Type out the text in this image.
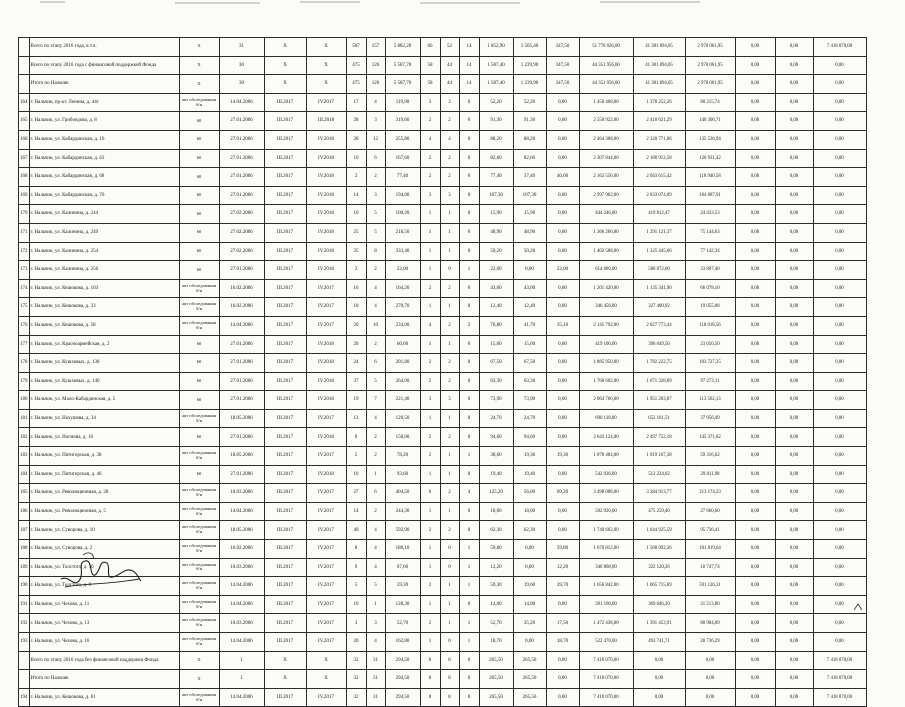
	Всего по этапу 2016 года, в т.ч.	X	31	X	X	507	157	5 882,20	66	52	14	1 852,90	1 505,40	347,50	51 770 026,00	41 381 894,05	2 970 061,95	0,00	0,00	7 418 070,00
	Всего по этапу 2016 года с финансовой поддержкой Фонда	X	30	X	X	475	126	5 587,70	58	44	14	1 587,40	1 239,90	347,50	44 351 956,00	41 381 894,05	2 970 061,95	0,00	0,00	0,00
	Итого по Нальчик	X	30	X	X	475	126	5 587,70	58	44	14	1 587,40	1 239,90	347,50	44 351 956,00	41 381 894,05	2 970 061,95	0,00	0,00	0,00
164	г. Нальчик, пр-кт. Ленина, д. 44г	акт обследования б/н	14.04.2006	III.2017	IV.2017	17	4	119,90	3	3	0	52,20	52,20	0,00	1 458 468,00	1 378 252,26	80 215,74	0,00	0,00	0,00
165	г. Нальчик, ул. Грибоедова, д. 8	60	27.01.2006	III.2017	III.2018	28	3	319,60	2	2	0	91,30	91,30	0,00	2 550 922,00	2 410 621,29	140 300,71	0,00	0,00	0,00
166	г. Нальчик, ул. Кабардинская, д. 16	60	27.01.2006	III.2017	IV.2018	28	12	255,80	4	4	0	88,20	88,20	0,00	2 464 308,00	2 328 771,06	135 536,94	0,00	0,00	0,00
167	г. Нальчик, ул. Кабардинская, д. 63	60	27.01.2006	III.2017	IV.2018	10	6	167,60	2	2	0	82,60	82,60	0,00	2 307 844,00	2 180 912,58	126 931,42	0,00	0,00	0,00
168	г. Нальчик, ул. Кабардинская, д. 68	60	27.01.2006	III.2017	IV.2018	2	2	77,40	2	2	0	77,40	37,40	40,00	2 162 556,00	2 043 615,42	118 940,58	0,00	0,00	0,00
169	г. Нальчик, ул. Кабардинская, д. 76	60	27.01.2006	III.2017	IV.2018	14	3	194,00	3	3	0	107,30	107,30	0,00	2 997 962,00	2 833 074,09	164 887,91	0,00	0,00	0,00
170	г. Нальчик, ул. Калинина, д. 244	60	27.02.2006	III.2017	IV.2018	10	5	100,20	1	1	0	15,90	15,90	0,00	444 246,00	419 812,47	24 433,53	0,00	0,00	0,00
171	г. Нальчик, ул. Калинина, д. 249	60	27.02.2006	III.2017	IV.2018	25	5	218,50	1	1	0	48,90	48,90	0,00	1 366 266,00	1 291 121,37	75 144,63	0,00	0,00	0,00
172	г. Нальчик, ул. Калинина, д. 254	60	27.02.2006	III.2017	IV.2018	35	8	333,40	1	1	0	50,20	50,20	0,00	1 402 588,00	1 325 445,66	77 142,34	0,00	0,00	0,00
173	г. Нальчик, ул. Калинина, д. 256	60	27.01.2006	III.2017	IV.2018	2	2	22,00	1	0	1	22,00	0,00	22,00	614 680,00	580 872,60	33 807,40	0,00	0,00	0,00
174	г. Нальчик, ул. Кешокова, д. 103	акт обследования б/н	16.02.2006	III.2017	IV.2017	16	4	164,20	2	2	0	43,00	43,00	0,00	1 201 420,00	1 135 341,90	66 078,10	0,00	0,00	0,00
175	г. Нальчик, ул. Кешокова, д. 33	акт обследования б/н	16.02.2006	III.2017	IV.2017	18	4	270,70	1	1	0	12,40	12,40	0,00	346 456,00	327 400,92	19 055,08	0,00	0,00	0,00
176	г. Нальчик, ул. Кешокова, д. 58	акт обследования б/н	14.04.2006	III.2017	IV.2017	20	10	234,00	4	2	2	76,80	41,70	35,10	2 145 792,00	2 027 773,44	118 018,56	0,00	0,00	0,00
177	г. Нальчик, ул. Красноармейская, д. 2	60	27.01.2006	III.2017	IV.2018	20	2	60,60	1	1	0	15,00	15,00	0,00	419 100,00	396 049,50	23 050,50	0,00	0,00	0,00
178	г. Нальчик, ул. Кушховых, д. 138	60	27.01.2006	III.2017	IV.2018	24	6	201,80	2	2	0	67,50	67,50	0,00	1 885 950,00	1 782 222,75	103 727,25	0,00	0,00	0,00
179	г. Нальчик, ул. Кушховых, д. 140	60	27.01.2006	III.2017	IV.2018	37	5	264,00	2	2	0	63,30	63,30	0,00	1 768 602,00	1 671 328,89	97 273,11	0,00	0,00	0,00
180	г. Нальчик, ул. Мало-Кабардинская, д. 5	60	27.01.2006	III.2017	IV.2018	19	7	221,40	3	3	0	73,90	73,90	0,00	2 064 766,00	1 951 203,87	113 562,13	0,00	0,00	0,00
181	г. Нальчик, ул. Нахушева, д. 34	акт обследования б/н	18.05.2006	III.2017	IV.2017	13	4	120,50	1	1	0	24,70	24,70	0,00	690 118,00	652 161,51	37 956,49	0,00	0,00	0,00
182	г. Нальчик, ул. Ногмова, д. 16	60	27.01.2006	III.2017	IV.2018	6	2	158,00	2	2	0	94,60	94,60	0,00	2 643 124,00	2 497 752,18	145 371,82	0,00	0,00	0,00
183	г. Нальчик, ул. Пятигорская, д. 38	акт обследования б/н	18.05.2006	III.2017	IV.2017	5	2	78,20	2	1	1	38,60	19,30	19,30	1 078 484,00	1 019 167,38	59 316,62	0,00	0,00	0,00
184	г. Нальчик, ул. Пятигорская, д. 46	60	27.01.2006	III.2017	IV.2018	10	1	93,60	1	1	0	19,40	19,40	0,00	542 036,00	512 224,02	29 811,98	0,00	0,00	0,00
185	г. Нальчик, ул. Революционная, д. 28	акт обследования б/н	10.03.2006	III.2017	IV.2017	27	6	404,50	6	2	4	125,20	56,00	69,20	3 498 088,00	3 284 913,77	213 174,23	0,00	0,00	0,00
186	г. Нальчик, ул. Революционная, д. 5	акт обследования б/н	14.04.2006	III.2017	IV.2017	14	2	244,30	1	1	0	18,00	18,00	0,00	502 920,00	475 259,40	27 660,60	0,00	0,00	0,00
187	г. Нальчик, ул. Суворова, д. 10	акт обследования б/н	18.05.2006	III.2017	IV.2017	40	4	592,90	2	2	0	62,30	62,30	0,00	1 740 662,00	1 644 925,59	95 736,41	0,00	0,00	0,00
188	г. Нальчик, ул. Суворова, д. 2	акт обследования б/н	16.02.2006	III.2017	IV.2017	8	4	180,10	1	0	1	59,80	0,00	59,80	1 670 812,00	1 568 992,36	101 819,64	0,00	0,00	0,00
189	г. Нальчик, ул. Толстого, д. 36	акт обследования б/н	10.03.2006	III.2017	IV.2017	9	4	67,60	1	0	1	12,20	0,00	12,20	340 868,00	322 120,26	18 747,74	0,00	0,00	0,00
190	г. Нальчик, ул. Толстого, д. 9	акт обследования б/н	14.04.2006	III.2017	IV.2017	5	5	59,30	2	1	1	59,30	19,60	39,70	1 656 842,00	1 065 715,69	591 126,31	0,00	0,00	0,00
191	г. Нальчик, ул. Чехова, д. 11	акт обследования б/н	14.04.2006	III.2017	IV.2017	10	1	128,30	1	1	0	14,00	14,00	0,00	391 160,00	369 646,20	21 513,80	0,00	0,00	0,00
192	г. Нальчик, ул. Чехова, д. 13	акт обследования б/н	10.03.2006	III.2017	IV.2017	3	3	52,70	2	1	1	52,70	35,20	17,50	1 472 438,00	1 391 453,91	80 984,09	0,00	0,00	0,00
193	г. Нальчик, ул. Чехова, д. 16	акт обследования б/н	14.04.2006	III.2017	IV.2017	20	4	162,80	1	0	1	18,70	0,00	18,70	522 478,00	493 741,71	28 736,29	0,00	0,00	0,00
	Всего по этапу 2016 года без финансовой поддержки Фонда	X	1	X	X	32	31	294,50	8	8	0	265,50	265,50	0,00	7 418 070,00	0,00	0,00	0,00	0,00	7 418 070,00
	Итого по Нальчик	X	1	X	X	32	31	294,50	8	8	0	265,50	265,50	0,00	7 418 070,00	0,00	0,00	0,00	0,00	7 418 070,00
194	г. Нальчик, ул. Кешокова, д. 81	акт обследования б/н	14.04.2006	III.2017	IV.2017	32	31	294,50	8	8	0	265,50	265,50	0,00	7 418 070,00	0,00	0,00	0,00	0,00	7 418 070,00
